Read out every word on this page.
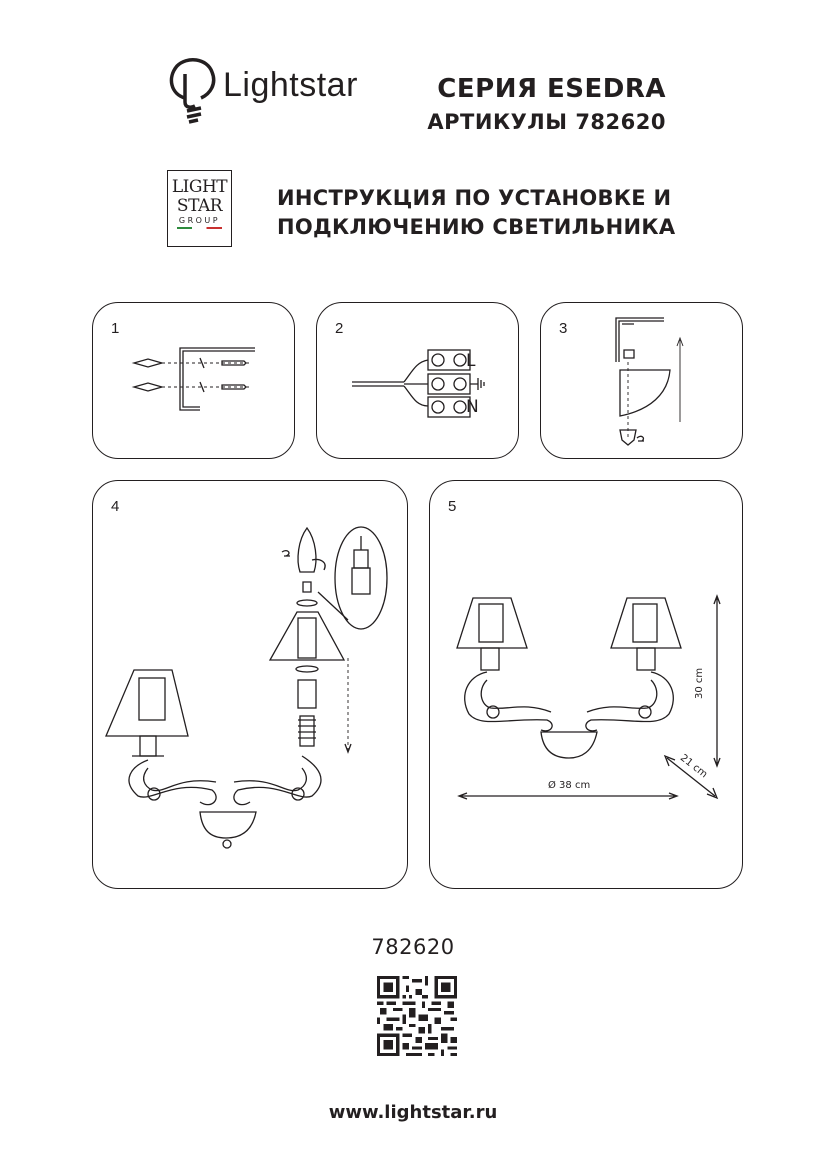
Lightstar	СЕРИЯ ESEDRA
АРТИКУЛЫ 782620
LIGHT
STAR
GROUP
ИНСТРУКЦИЯ ПО УСТАНОВКЕ И
ПОДКЛЮЧЕНИЮ СВЕТИЛЬНИКА
1	2
L
N
3
4	5
30 cm
21 cm
Ø 38 cm
782620
www.lightstar.ru
